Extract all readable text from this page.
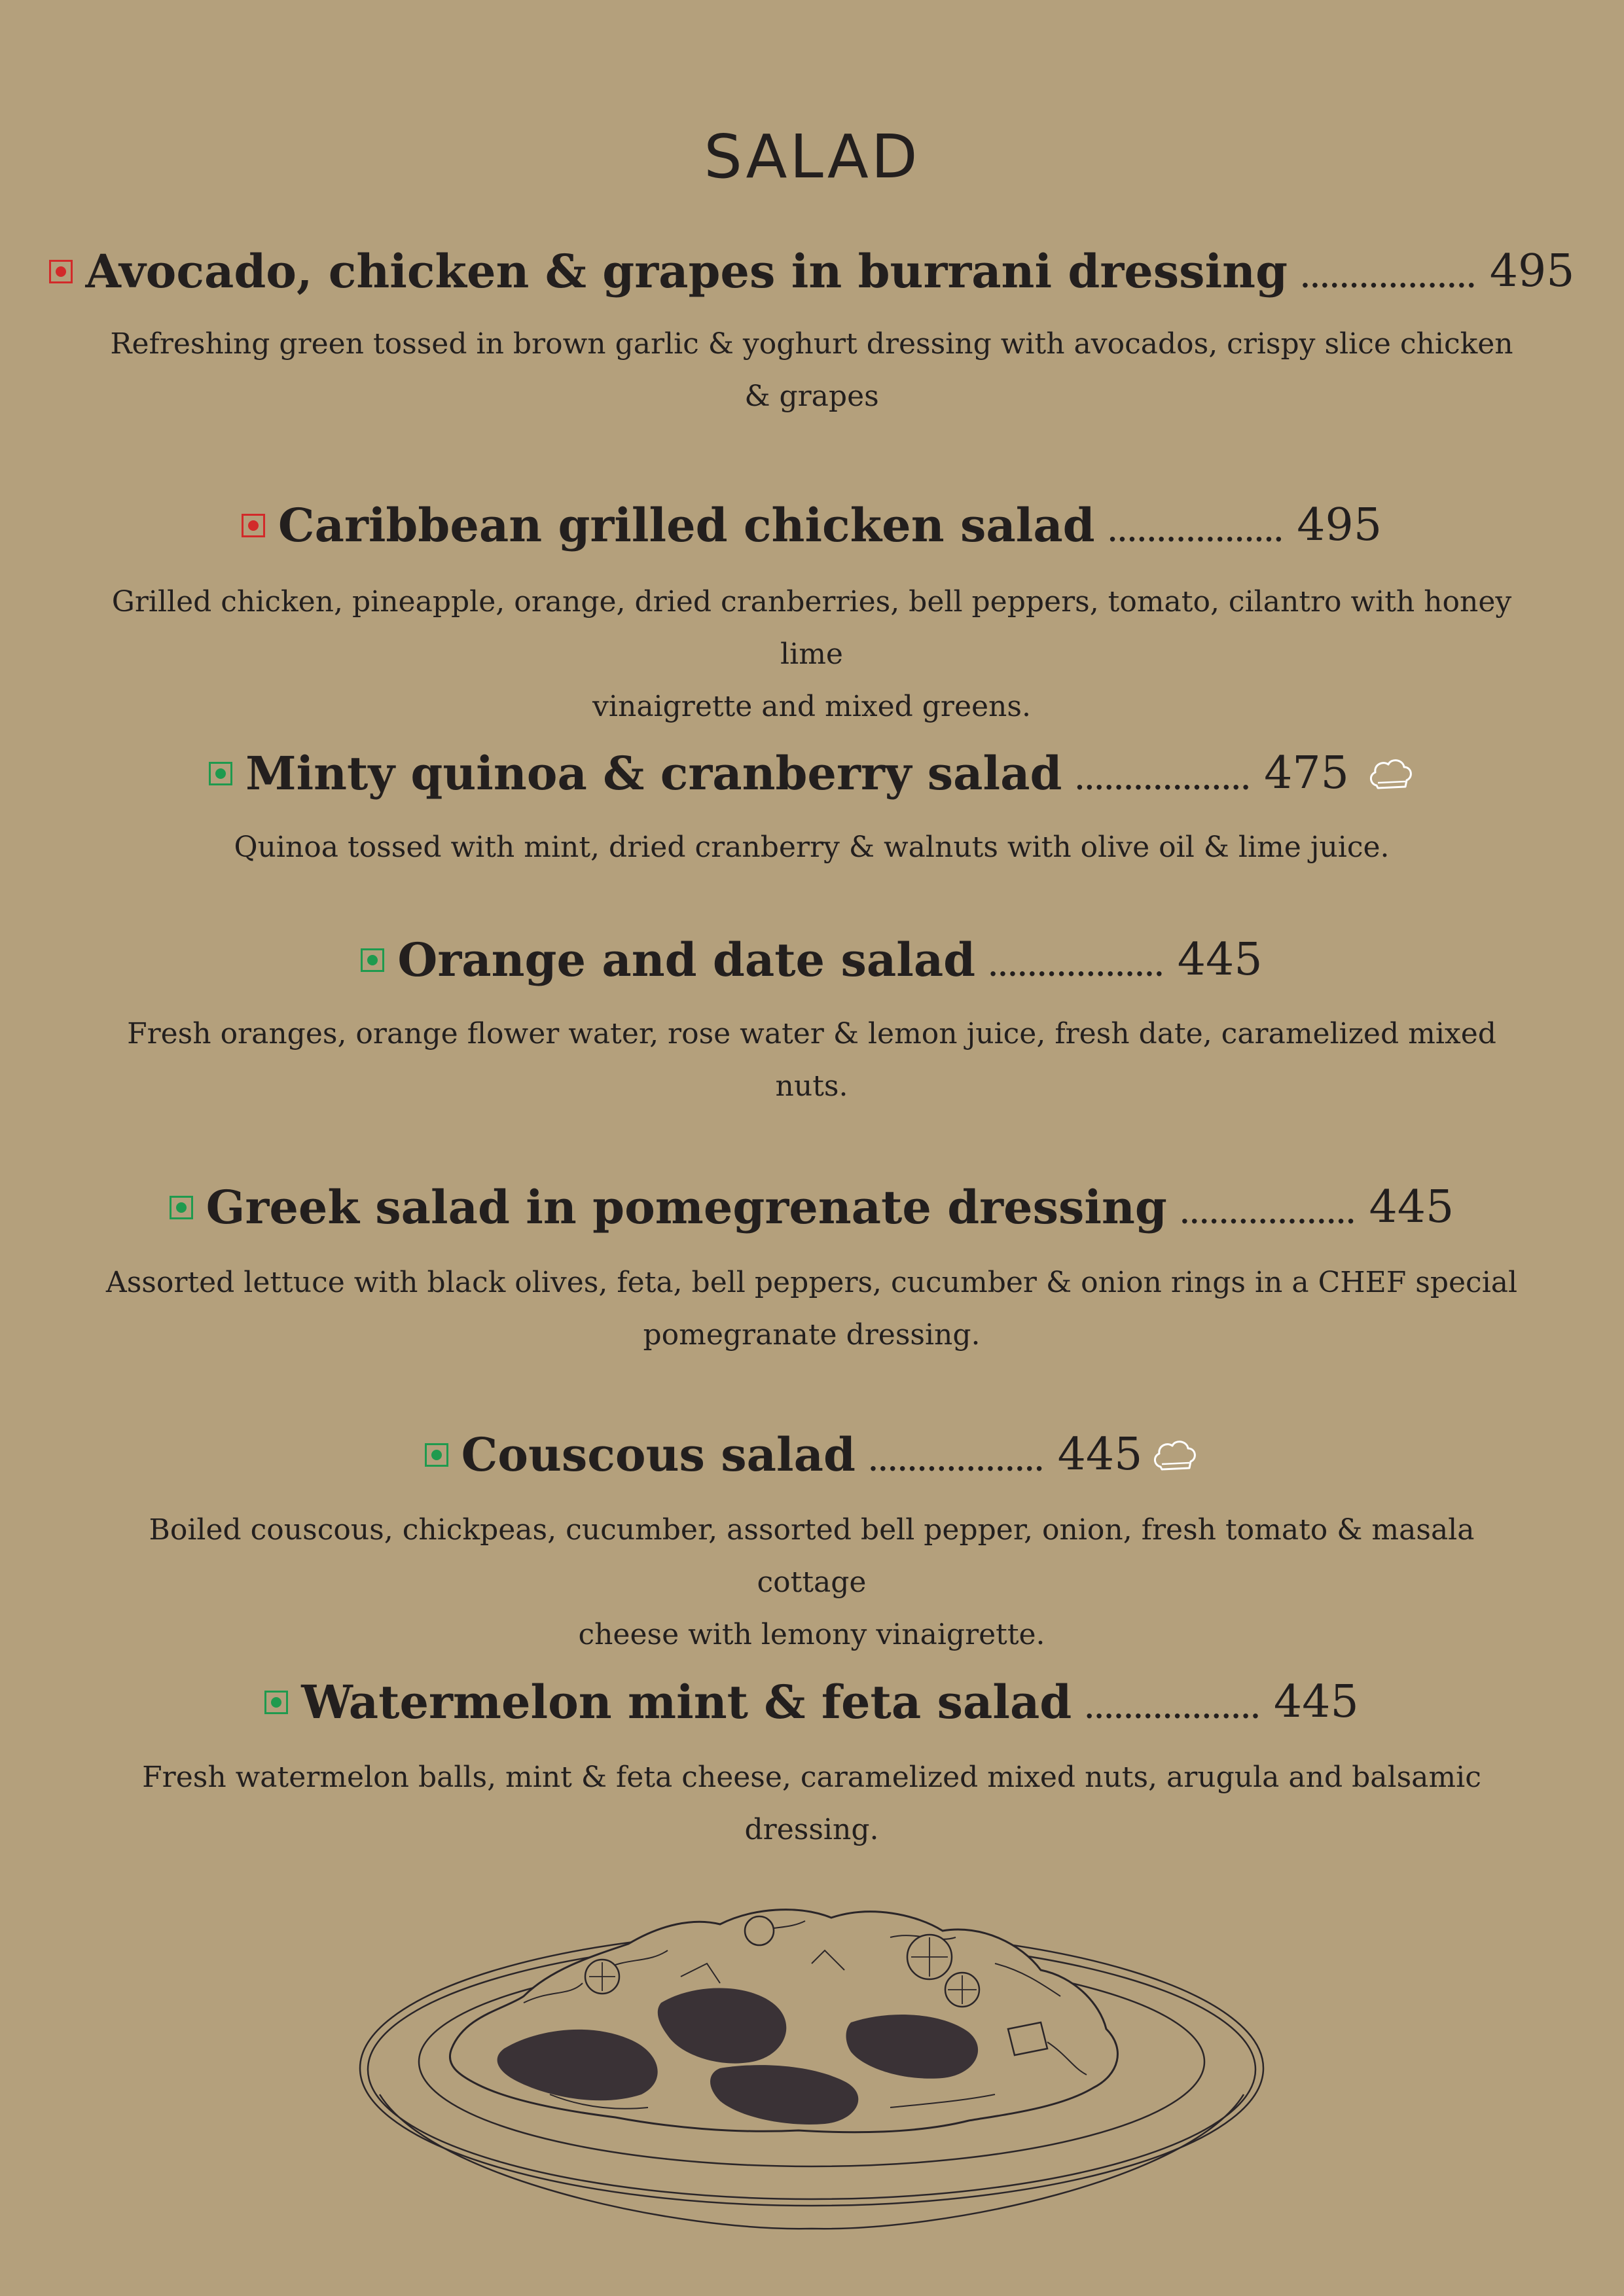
SALAD
Avocado, chicken & grapes in burrani dressing .................. 495
Refreshing green tossed in brown garlic & yoghurt dressing with avocados, crispy slice chicken & grapes
Caribbean grilled chicken salad .................. 495
Grilled chicken, pineapple, orange, dried cranberries, bell peppers, tomato, cilantro with honey lime
vinaigrette and mixed greens.
Minty quinoa & cranberry salad .................. 475
Quinoa tossed with mint, dried cranberry & walnuts with olive oil & lime juice.
Orange and date salad .................. 445
Fresh oranges, orange flower water, rose water & lemon juice, fresh date, caramelized mixed nuts.
Greek salad in pomegrenate dressing .................. 445
Assorted lettuce with black olives, feta, bell peppers, cucumber & onion rings in a CHEF special
pomegranate dressing.
Couscous salad .................. 445
Boiled couscous, chickpeas, cucumber, assorted bell pepper, onion, fresh tomato & masala cottage
cheese with lemony vinaigrette.
Watermelon mint & feta salad .................. 445
Fresh watermelon balls, mint & feta cheese, caramelized mixed nuts, arugula and balsamic dressing.
